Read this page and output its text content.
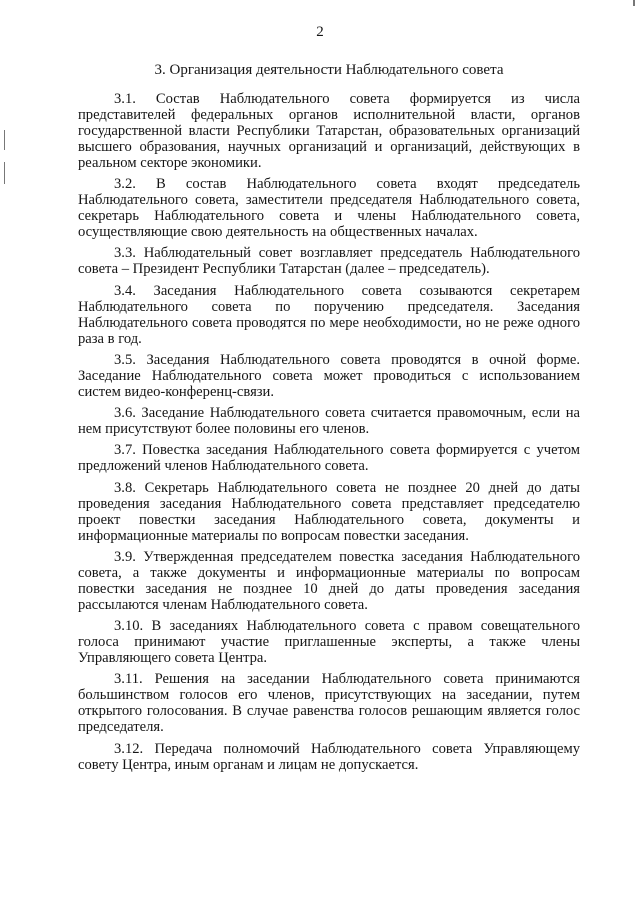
2
3. Организация деятельности Наблюдательного совета

3.1. Состав Наблюдательного совета формируется из числа представителей федеральных органов исполнительной власти, органов государственной власти Республики Татарстан, образовательных организаций высшего образования, научных организаций и организаций, действующих в реальном секторе экономики.

3.2. В состав Наблюдательного совета входят председатель Наблюдательного совета, заместители председателя Наблюдательного совета, секретарь Наблюдательного совета и члены Наблюдательного совета, осуществляющие свою деятельность на общественных началах.

3.3. Наблюдательный совет возглавляет председатель Наблюдательного совета – Президент Республики Татарстан (далее – председатель).

3.4. Заседания Наблюдательного совета созываются секретарем Наблюдательного совета по поручению председателя. Заседания Наблюдательного совета проводятся по мере необходимости, но не реже одного раза в год.

3.5. Заседания Наблюдательного совета проводятся в очной форме. Заседание Наблюдательного совета может проводиться с использованием систем видео-конференц-связи.

3.6. Заседание Наблюдательного совета считается правомочным, если на нем присутствуют более половины его членов.

3.7. Повестка заседания Наблюдательного совета формируется с учетом предложений членов Наблюдательного совета.

3.8. Секретарь Наблюдательного совета не позднее 20 дней до даты проведения заседания Наблюдательного совета представляет председателю проект повестки заседания Наблюдательного совета, документы и информационные материалы по вопросам повестки заседания.

3.9. Утвержденная председателем повестка заседания Наблюдательного совета, а также документы и информационные материалы по вопросам повестки заседания не позднее 10 дней до даты проведения заседания рассылаются членам Наблюдательного совета.

3.10. В заседаниях Наблюдательного совета с правом совещательного голоса принимают участие приглашенные эксперты, а также члены Управляющего совета Центра.

3.11. Решения на заседании Наблюдательного совета принимаются большинством голосов его членов, присутствующих на заседании, путем открытого голосования. В случае равенства голосов решающим является голос председателя.

3.12. Передача полномочий Наблюдательного совета Управляющему совету Центра, иным органам и лицам не допускается.
